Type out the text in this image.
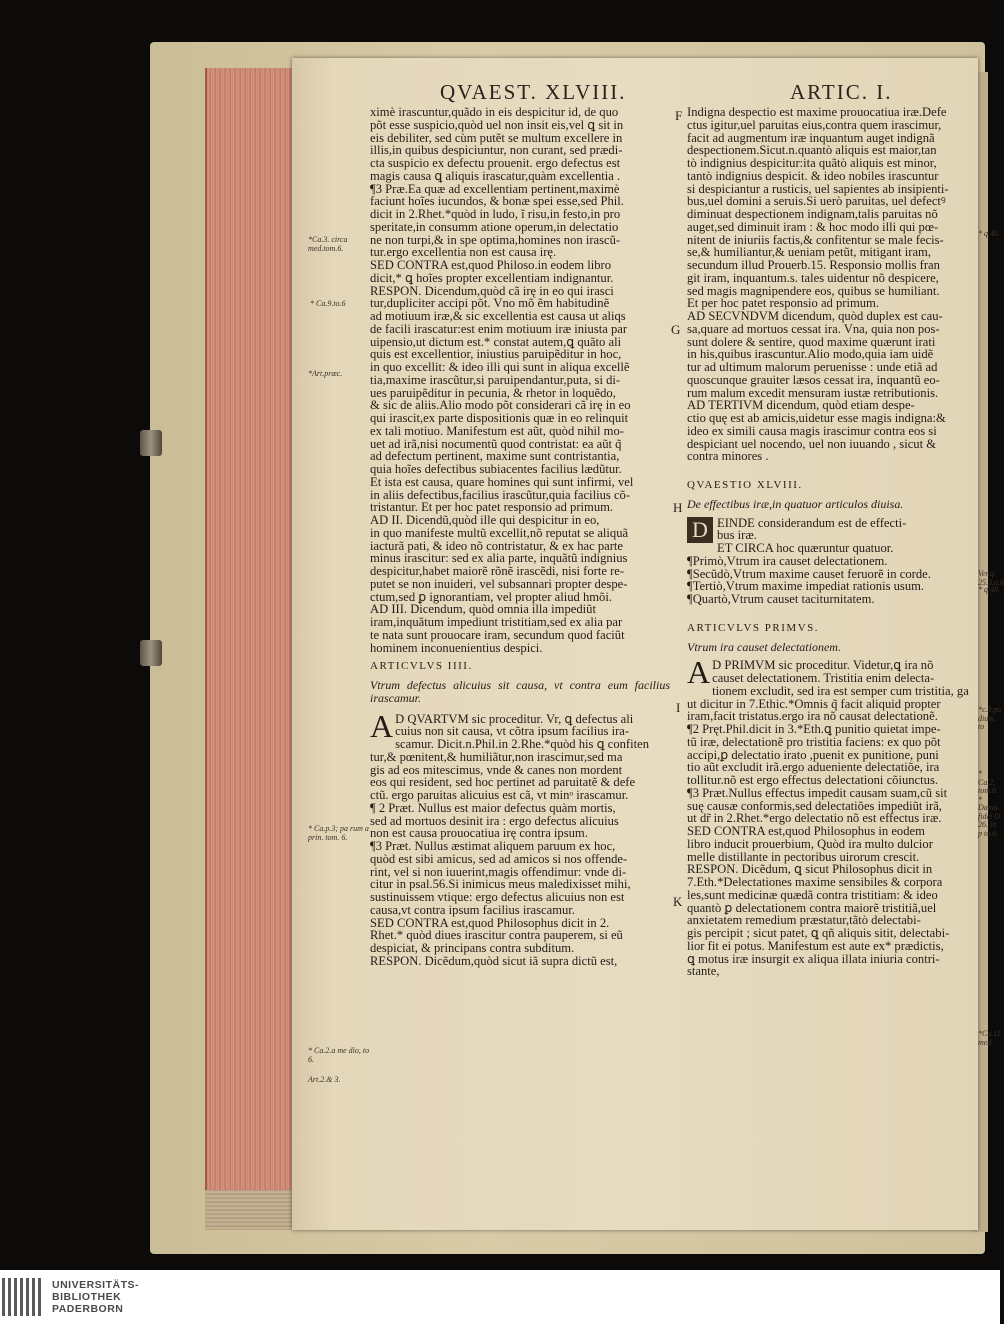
QVAEST. XLVIII.	ARTIC. I.
*Ca.3. circa med.tom.6.
* Ca.9.to.6
*Art.præc.
* Ca.p.3; pa rum a prin. tom. 6.
* Ca.2.a me dio, to 6.
Art.2.& 3.
F
G
H
I
K
ximè irascuntur,quãdo in eis despicitur id, de quo
põt esse suspicio,quòd uel non insit eis,vel ꝗ sit in
eis debiliter, sed cùm putẽt se multum excellere in
illis,in quibus despiciuntur, non curant, sed prædi-
cta suspicio ex defectu prouenit. ergo defectus est
magis causa ꝗ aliquis irascatur,quàm excellentia .
¶3 Præ.Ea quæ ad excellentiam pertinent,maximè
faciunt hoĩes iucundos, & bonæ spei esse,sed Phil.
dicit in 2.Rhet.*quòd in ludo, ĩ risu,in festo,in pro
speritate,in consumm atione operum,in delectatio
ne non turpi,& in spe optima,homines non irascũ-
tur.ergo excellentia non est causa irę.
SED CONTRA est,quod Philoso.in eodem libro
dicit,* ꝗ hoĩes propter excellentiam indignantur.
RESPON. Dicendum,quòd cã irę in eo qui irasci
tur,dupliciter accipi põt. Vno mõ ẽm habitudinẽ
ad motiuum iræ,& sic excellentia est causa ut aliqs
de facili irascatur:est enim motiuum iræ iniusta par
uipensio,ut dictum est.* constat autem,ꝗ quãto ali
quis est excellentior, iniustius paruipẽditur in hoc,
in quo excellit: & ideo illi qui sunt in aliqua excellẽ
tia,maxime irascũtur,si paruipendantur,puta, si di-
ues paruipẽditur in pecunia, & rhetor in loquẽdo,
& sic de aliis.Alio modo põt considerari cã irę in eo
qui irascit,ex parte dispositionis quæ in eo relinquit
ex tali motiuo. Manifestum est aũt, quòd nihil mo-
uet ad irã,nisi nocumentũ quod contristat: ea aũt q̃
ad defectum pertinent, maxime sunt contristantia,
quia hoĩes defectibus subiacentes facilius lædũtur.
Et ista est causa, quare homines qui sunt infirmi, vel
in aliis defectibus,facilius irascũtur,quia facilius cõ-
tristantur. Et per hoc patet responsio ad primum.
AD II. Dicendũ,quòd ille qui despicitur in eo,
in quo manifeste multũ excellit,nõ reputat se aliquã
iacturã pati, & ideo nõ contristatur, & ex hac parte
minus irascitur: sed ex alia parte, inquãtũ indignius
despicitur,habet maiorẽ rõnẽ irascẽdi, nisi forte re-
putet se non inuideri, vel subsannari propter despe-
ctum,sed ꝑ ignorantiam, vel propter aliud hmõi.
AD III. Dicendum, quòd omnia illa impediũt
iram,inquãtum impediunt tristitiam,sed ex alia par
te nata sunt prouocare iram, secundum quod faciũt
hominem inconuenientius despici.

ARTICVLVS IIII.

Vtrum defectus alicuius sit causa, vt contra eum facilius irascamur.

A D QVARTVM sic proceditur. Vr, ꝗ defectus ali
cuius non sit causa, vt cõtra ipsum facilius ira-
scamur. Dicit.n.Phil.in 2.Rhe.*quòd his ꝗ confiten
tur,& pœnitent,& humiliãtur,non irascimur,sed ma
gis ad eos mitescimus, vnde & canes non mordent
eos qui resident, sed hoc pertinet ad paruitatẽ & defe
ctũ. ergo paruitas alicuius est cã, vt minᵒ irascamur.
¶ 2 Præt. Nullus est maior defectus quàm mortis,
sed ad mortuos desinit ira : ergo defectus alicuius
non est causa prouocatiua irę contra ipsum.
¶3 Præt. Nullus æstimat aliquem paruum ex hoc,
quòd est sibi amicus, sed ad amicos si nos offende-
rint, vel si non iuuerint,magis offendimur: vnde di-
citur in psal.56.Si inimicus meus maledixisset mihi,
sustinuissem vtique: ergo defectus alicuius non est
causa,vt contra ipsum facilius irascamur.
SED CONTRA est,quod Philosophus dicit in 2.
Rhet.* quòd diues irascitur contra pauperem, si eũ
despiciat, & principans contra subditum.
RESPON. Dicẽdum,quòd sicut iã supra dictũ est,
Indigna despectio est maxime prouocatiua iræ.Defe
ctus igitur,uel paruitas eius,contra quem irascimur,
facit ad augmentum iræ inquantum auget indignã
despectionem.Sicut.n.quantò aliquis est maior,tan
tò indignius despicitur:ita quãtò aliquis est minor,
tantò indignius despicit. & ideo nobiles irascuntur
si despiciantur a rusticis, uel sapientes ab insipienti-
bus,uel domini a seruis.Si uerò paruitas, uel defectꝰ
diminuat despectionem indignam,talis paruitas nõ
auget,sed diminuit iram : & hoc modo illi qui pœ-
nitent de iniuriis factis,& confitentur se male fecis-
se,& humiliantur,& ueniam petũt, mitigant iram,
secundum illud Prouerb.15. Responsio mollis fran
git iram, inquantum.s. tales uidentur nõ despicere,
sed magis magnipendere eos, quibus se humiliant.
Et per hoc patet responsio ad primum.
AD SECVNDVM dicendum, quòd duplex est cau-
sa,quare ad mortuos cessat ira. Vna, quia non pos-
sunt dolere & sentire, quod maxime quærunt irati
in his,quibus irascuntur.Alio modo,quia iam uidẽ
tur ad ultimum malorum peruenisse : unde etiã ad
quoscunque grauiter læsos cessat ira, inquantũ eo-
rum malum excedit mensuram iustæ retributionis.
AD TERTIVM dicendum, quòd etiam despe-
ctio quę est ab amicis,uidetur esse magis indigna:&
ideo ex simili causa magis irascimur contra eos si
despiciant uel nocendo, uel non iuuando , sicut &
contra minores .

QVAESTIO XLVIII.

De effectibus iræ,in quatuor articulos diuisa.

D EINDE considerandum est de effecti-
bus iræ.
ET CIRCA hoc quæruntur quatuor.
¶Primò,Vtrum ira causet delectationem.
¶Secũdò,Vtrum maxime causet feruorẽ in corde.
¶Tertiò,Vtrum maxime impediat rationis usum.
¶Quartò,Vtrum causet taciturnitatem.

ARTICVLVS PRIMVS.

Vtrum ira causet delectationem.

A D PRIMVM sic proceditur. Videtur,ꝗ ira nõ
causet delectationem. Tristitia enim delecta-
tionem excludit, sed ira est semper cum tristitia, ga
ut dicitur in 7.Ethic.*Omnis q̃ facit aliquid propter
iram,facit tristatus.ergo ira nõ causat delectationẽ.
¶2 Pręt.Phil.dicit in 3.*Eth.ꝗ punitio quietat impe-
tũ iræ, delectationẽ pro tristitia faciens: ex quo põt
accipi,ꝑ delectatio irato ,puenit ex punitione, puni
tio aũt excludit irã.ergo adueniente delectatiõe, ira
tollitur.nõ est ergo effectus delectationi cõiunctus.
¶3 Præt.Nullus effectus impedit causam suam,cũ sit
suę causæ conformis,sed delectatiões impediũt irã,
ut dr̃ in 2.Rhet.*ergo delectatio nõ est effectus iræ.
SED CONTRA est,quod Philosophus in eodem
libro inducit prouerbium, Quòd ira multo dulcior
melle distillante in pectoribus uirorum crescit.
RESPON. Dicẽdum, ꝗ sicut Philosophus dicit in
7.Eth.*Delectationes maxime sensibiles & corpora
les,sunt medicinæ quædã contra tristitiam: & ideo
quantò ꝑ delectationem contra maiorẽ tristitiã,uel
anxietatem remedium præstatur,tãtò delectabi-
gis percipit ; sicut patet, ꝗ qñ aliquis sitit, delectabi-
lior fit ei potus. Manifestum est aute ex* prædictis,
ꝗ motus iræ insurgit ex aliqua illata iniuria contri-
stante,
* q.46.
Ver.q. 25.3.a.6
* q.48.
*c.3.po dium, to
* Ca.2. tom.6. * Dama. fidei O 26. in p to.6.
*Ca.11 med.
UNIVERSITÄTS-
BIBLIOTHEK
PADERBORN
